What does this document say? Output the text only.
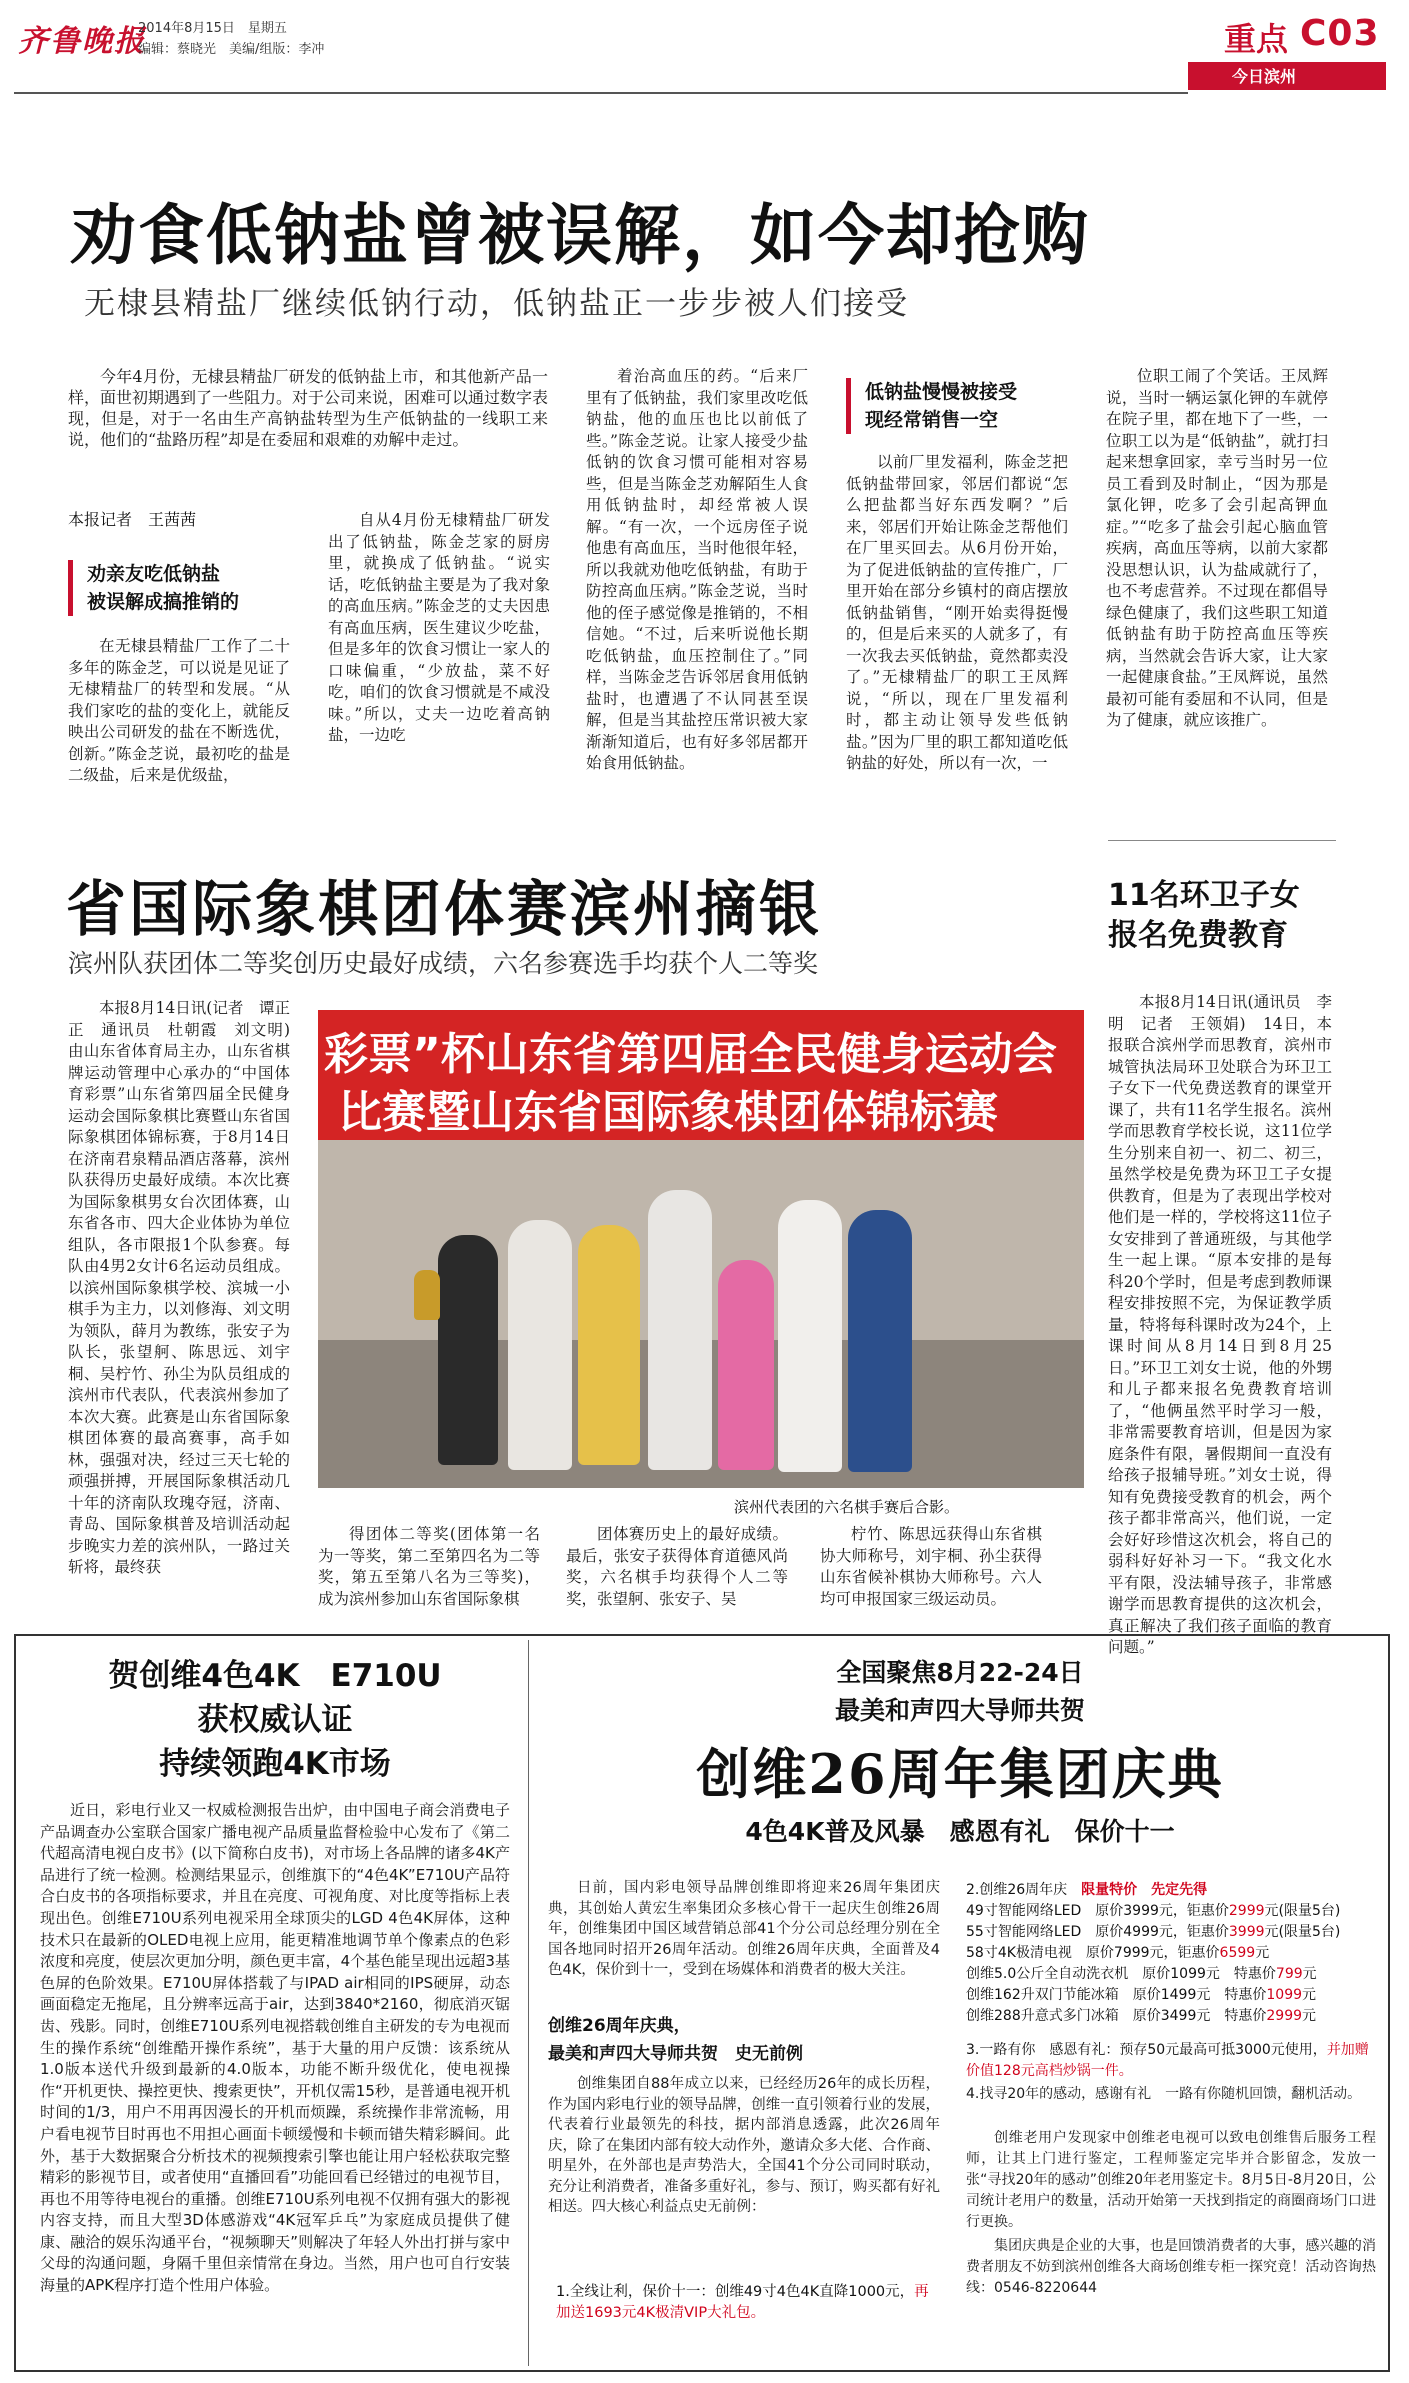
齐鲁晚报
2014年8月15日　星期五
编辑：蔡晓光　美编/组版：李冲	重点 C03
今日滨州
劝食低钠盐曾被误解，如今却抢购
无棣县精盐厂继续低钠行动，低钠盐正一步步被人们接受

今年4月份，无棣县精盐厂研发的低钠盐上市，和其他新产品一样，面世初期遇到了一些阻力。对于公司来说，困难可以通过数字表现，但是，对于一名由生产高钠盐转型为生产低钠盐的一线职工来说，他们的“盐路历程”却是在委屈和艰难的劝解中走过。

本报记者　王茜茜
劝亲友吃低钠盐
被误解成搞推销的

在无棣县精盐厂工作了二十多年的陈金芝，可以说是见证了无棣精盐厂的转型和发展。“从我们家吃的盐的变化上，就能反映出公司研发的盐在不断选优，创新。”陈金芝说，最初吃的盐是二级盐，后来是优级盐，

自从4月份无棣精盐厂研发出了低钠盐，陈金芝家的厨房里，就换成了低钠盐。“说实话，吃低钠盐主要是为了我对象的高血压病。”陈金芝的丈夫因患有高血压病，医生建议少吃盐，但是多年的饮食习惯让一家人的口味偏重，“少放盐，菜不好吃，咱们的饮食习惯就是不咸没味。”所以，丈夫一边吃着高钠盐，一边吃

着治高血压的药。“后来厂里有了低钠盐，我们家里改吃低钠盐，他的血压也比以前低了些。”陈金芝说。让家人接受少盐低钠的饮食习惯可能相对容易些，但是当陈金芝劝解陌生人食用低钠盐时，却经常被人误解。“有一次，一个远房侄子说他患有高血压，当时他很年轻，所以我就劝他吃低钠盐，有助于防控高血压病。”陈金芝说，当时他的侄子感觉像是推销的，不相信她。“不过，后来听说他长期吃低钠盐，血压控制住了。”同样，当陈金芝告诉邻居食用低钠盐时，也遭遇了不认同甚至误解，但是当其盐控压常识被大家渐渐知道后，也有好多邻居都开始食用低钠盐。

低钠盐慢慢被接受
现经常销售一空

以前厂里发福利，陈金芝把低钠盐带回家，邻居们都说“怎么把盐都当好东西发啊？”后来，邻居们开始让陈金芝帮他们在厂里买回去。从6月份开始，为了促进低钠盐的宣传推广，厂里开始在部分乡镇村的商店摆放低钠盐销售，“刚开始卖得挺慢的，但是后来买的人就多了，有一次我去买低钠盐，竟然都卖没了。”无棣精盐厂的职工王凤辉说，“所以，现在厂里发福利时，都主动让领导发些低钠盐。”因为厂里的职工都知道吃低钠盐的好处，所以有一次，一

位职工闹了个笑话。王凤辉说，当时一辆运氯化钾的车就停在院子里，都在地下了一些，一位职工以为是“低钠盐”，就打扫起来想拿回家，幸亏当时另一位员工看到及时制止，“因为那是氯化钾，吃多了会引起高钾血症。”“吃多了盐会引起心脑血管疾病，高血压等病，以前大家都没思想认识，认为盐咸就行了，也不考虑营养。不过现在都倡导绿色健康了，我们这些职工知道低钠盐有助于防控高血压等疾病，当然就会告诉大家，让大家一起健康食盐。”王凤辉说，虽然最初可能有委屈和不认同，但是为了健康，就应该推广。

省国际象棋团体赛滨州摘银
滨州队获团体二等奖创历史最好成绩，六名参赛选手均获个人二等奖

本报8月14日讯(记者　谭正正　通讯员　杜朝霞　刘文明)　由山东省体育局主办，山东省棋牌运动管理中心承办的“中国体育彩票”山东省第四届全民健身运动会国际象棋比赛暨山东省国际象棋团体锦标赛，于8月14日在济南君泉精品酒店落幕，滨州队获得历史最好成绩。本次比赛为国际象棋男女台次团体赛，山东省各市、四大企业体协为单位组队，各市限报1个队参赛。每队由4男2女计6名运动员组成。以滨州国际象棋学校、滨城一小棋手为主力，以刘修海、刘文明为领队，薛月为教练，张安子为队长，张望舸、陈思远、刘宇桐、吴柠竹、孙尘为队员组成的滨州市代表队，代表滨州参加了本次大赛。此赛是山东省国际象棋团体赛的最高赛事，高手如林，强强对决，经过三天七轮的顽强拼搏，开展国际象棋活动几十年的济南队玫瑰夺冠，济南、青岛、国际象棋普及培训活动起步晚实力差的滨州队，一路过关斩将，最终获

彩票”杯山东省第四届全民健身运动会
比赛暨山东省国际象棋团体锦标赛
滨州代表团的六名棋手赛后合影。

得团体二等奖(团体第一名为一等奖，第二至第四名为二等奖，第五至第八名为三等奖)，成为滨州参加山东省国际象棋

团体赛历史上的最好成绩。最后，张安子获得体育道德风尚奖，六名棋手均获得个人二等奖，张望舸、张安子、吴

柠竹、陈思远获得山东省棋协大师称号，刘宇桐、孙尘获得山东省候补棋协大师称号。六人均可申报国家三级运动员。

11名环卫子女
报名免费教育

本报8月14日讯(通讯员　李明　记者　王领娟)　14日，本报联合滨州学而思教育，滨州市城管执法局环卫处联合为环卫工子女下一代免费送教育的课堂开课了，共有11名学生报名。滨州学而思教育学校长说，这11位学生分别来自初一、初二、初三，虽然学校是免费为环卫工子女提供教育，但是为了表现出学校对他们是一样的，学校将这11位子女安排到了普通班级，与其他学生一起上课。“原本安排的是每科20个学时，但是考虑到教师课程安排按照不完，为保证教学质量，特将每科课时改为24个，上课时间从8月14日到8月25日。”环卫工刘女士说，他的外甥和儿子都来报名免费教育培训了，“他俩虽然平时学习一般，非常需要教育培训，但是因为家庭条件有限，暑假期间一直没有给孩子报辅导班。”刘女士说，得知有免费接受教育的机会，两个孩子都非常高兴，他们说，一定会好好珍惜这次机会，将自己的弱科好好补习一下。“我文化水平有限，没法辅导孩子，非常感谢学而思教育提供的这次机会，真正解决了我们孩子面临的教育问题。”

贺创维4色4K　E710U
获权威认证
持续领跑4K市场

近日，彩电行业又一权威检测报告出炉，由中国电子商会消费电子产品调查办公室联合国家广播电视产品质量监督检验中心发布了《第二代超高清电视白皮书》(以下简称白皮书)，对市场上各品牌的诸多4K产品进行了统一检测。检测结果显示，创维旗下的“4色4K”E710U产品符合白皮书的各项指标要求，并且在亮度、可视角度、对比度等指标上表现出色。创维E710U系列电视采用全球顶尖的LGD 4色4K屏体，这种技术只在最新的OLED电视上应用，能更精准地调节单个像素点的色彩浓度和亮度，使层次更加分明，颜色更丰富，4个基色能呈现出远超3基色屏的色阶效果。E710U屏体搭载了与IPAD air相同的IPS硬屏，动态画面稳定无拖尾，且分辨率远高于air，达到3840*2160，彻底消灭锯齿、残影。同时，创维E710U系列电视搭载创维自主研发的专为电视而生的操作系统“创维酷开操作系统”，基于大量的用户反馈：该系统从1.0版本送代升级到最新的4.0版本，功能不断升级优化，使电视操作“开机更快、操控更快、搜索更快”，开机仅需15秒，是普通电视开机时间的1/3，用户不用再因漫长的开机而烦躁，系统操作非常流畅，用户看电视节目时再也不用担心画面卡顿缓慢和卡顿而错失精彩瞬间。此外，基于大数据聚合分析技术的视频搜索引擎也能让用户轻松获取完整精彩的影视节目，或者使用“直播回看”功能回看已经错过的电视节目，再也不用等待电视台的重播。创维E710U系列电视不仅拥有强大的影视内容支持，而且大型3D体感游戏“4K冠军乒乓”为家庭成员提供了健康、融洽的娱乐沟通平台，“视频聊天”则解决了年轻人外出打拼与家中父母的沟通问题，身隔千里但亲情常在身边。当然，用户也可自行安装海量的APK程序打造个性用户体验。

全国聚焦8月22-24日
最美和声四大导师共贺
创维26周年集团庆典
4色4K普及风暴　感恩有礼　保价十一

日前，国内彩电领导品牌创维即将迎来26周年集团庆典，其创始人黄宏生率集团众多核心骨干一起庆生创维26周年，创维集团中国区域营销总部41个分公司总经理分别在全国各地同时招开26周年活动。创维26周年庆典，全面普及4色4K，保价到十一，受到在场媒体和消费者的极大关注。

创维26周年庆典，
最美和声四大导师共贺　史无前例

创维集团自88年成立以来，已经经历26年的成长历程，作为国内彩电行业的领导品牌，创维一直引领着行业的发展，代表着行业最领先的科技，据内部消息透露，此次26周年庆，除了在集团内部有较大动作外，邀请众多大佬、合作商、明星外，在外部也是声势浩大，全国41个分公司同时联动，充分让利消费者，准备多重好礼，参与、预订，购买都有好礼相送。四大核心利益点史无前例：

1.全线让利，保价十一：创维49寸4色4K直降1000元，再加送1693元4K极清VIP大礼包。
2.创维26周年庆　 限量特价　先定先得
49寸智能网络LED　原价3999元，钜惠价2999元(限量5台)
55寸智能网络LED　原价4999元，钜惠价3999元(限量5台)
58寸4K极清电视　原价7999元，钜惠价6599元
创维5.0公斤全自动洗衣机　原价1099元　特惠价799元
创维162升双门节能冰箱　原价1499元　特惠价1099元
创维288升意式多门冰箱　原价3499元　特惠价2999元
3.一路有你　感恩有礼：预存50元最高可抵3000元使用，并加赠价值128元高档炒锅一件。
4.找寻20年的感动，感谢有礼　一路有你随机回馈，翻机活动。

创维老用户发现家中创维老电视可以致电创维售后服务工程师，让其上门进行鉴定，工程师鉴定完毕并合影留念，发放一张“寻找20年的感动”创维20年老用鉴定卡。8月5日-8月20日，公司统计老用户的数量，活动开始第一天找到指定的商圈商场门口进行更换。

集团庆典是企业的大事，也是回馈消费者的大事，感兴趣的消费者朋友不妨到滨州创维各大商场创维专柜一探究竟！活动咨询热线：0546-8220644
